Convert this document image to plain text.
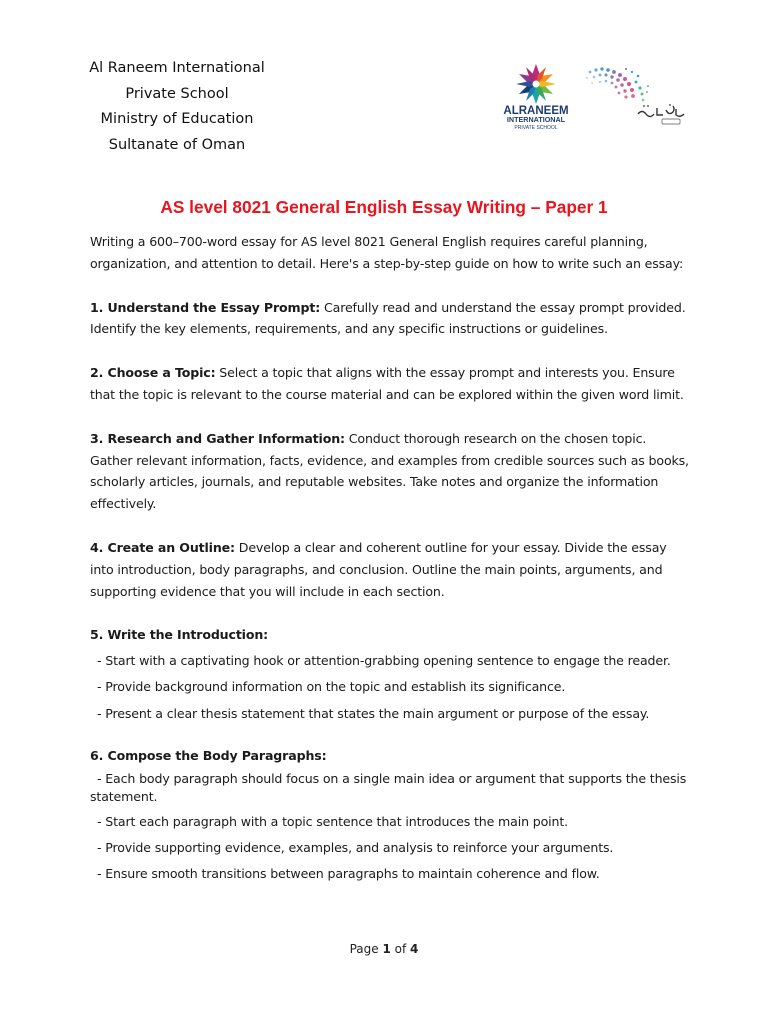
Al Raneem International
Private School
Ministry of Education
Sultanate of Oman
ALRANEEM
INTERNATIONAL
PRIVATE SCHOOL
AS level 8021 General English Essay Writing – Paper 1

Writing a 600–700-word essay for AS level 8021 General English requires careful planning, organization, and attention to detail. Here's a step-by-step guide on how to write such an essay:

1. Understand the Essay Prompt: Carefully read and understand the essay prompt provided. Identify the key elements, requirements, and any specific instructions or guidelines.

2. Choose a Topic: Select a topic that aligns with the essay prompt and interests you. Ensure that the topic is relevant to the course material and can be explored within the given word limit.

3. Research and Gather Information: Conduct thorough research on the chosen topic. Gather relevant information, facts, evidence, and examples from credible sources such as books, scholarly articles, journals, and reputable websites. Take notes and organize the information effectively.

4. Create an Outline: Develop a clear and coherent outline for your essay. Divide the essay into introduction, body paragraphs, and conclusion. Outline the main points, arguments, and supporting evidence that you will include in each section.

5. Write the Introduction:
- Start with a captivating hook or attention-grabbing opening sentence to engage the reader.
- Provide background information on the topic and establish its significance.
- Present a clear thesis statement that states the main argument or purpose of the essay.
6. Compose the Body Paragraphs:
- Each body paragraph should focus on a single main idea or argument that supports the thesis statement.
- Start each paragraph with a topic sentence that introduces the main point.
- Provide supporting evidence, examples, and analysis to reinforce your arguments.
- Ensure smooth transitions between paragraphs to maintain coherence and flow.
Page 1 of 4
